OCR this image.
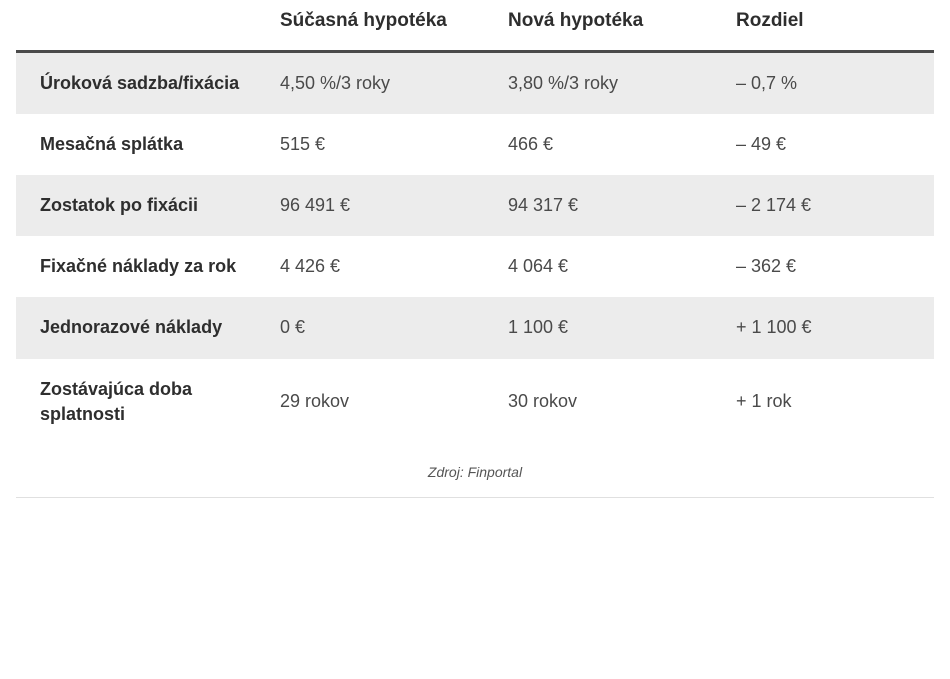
	Súčasná hypotéka	Nová hypotéka	Rozdiel
Úroková sadzba/fixácia	4,50 %/3 roky	3,80 %/3 roky	– 0,7 %
Mesačná splátka	515 €	466 €	– 49 €
Zostatok po fixácii	96 491 €	94 317 €	– 2 174 €
Fixačné náklady za rok	4 426 €	4 064 €	– 362 €
Jednorazové náklady	0 €	1 100 €	+ 1 100 €
Zostávajúca doba splatnosti	29 rokov	30 rokov	+ 1 rok
Zdroj: Finportal			
